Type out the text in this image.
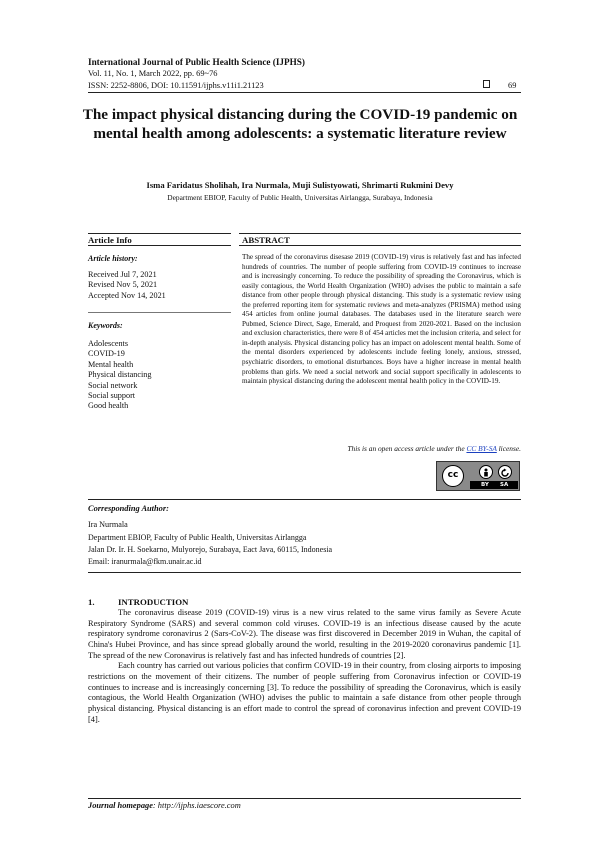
International Journal of Public Health Science (IJPHS)
Vol. 11, No. 1, March 2022, pp. 69~76
ISSN: 2252-8806, DOI: 10.11591/ijphs.v11i1.21123	69
The impact physical distancing during the COVID-19 pandemic on mental health among adolescents: a systematic literature review
Isma Faridatus Sholihah, Ira Nurmala, Muji Sulistyowati, Shrimarti Rukmini Devy
Department EBIOP, Faculty of Public Health, Universitas Airlangga, Surabaya, Indonesia
Article Info
Article history:
Received Jul 7, 2021
Revised Nov 5, 2021
Accepted Nov 14, 2021
Keywords:
Adolescents
COVID-19
Mental health
Physical distancing
Social network
Social support
Good health
ABSTRACT
The spread of the coronavirus disesase 2019 (COVID-19) virus is relatively fast and has infected hundreds of countries. The number of people suffering from COVID-19 continues to increase and is increasingly concerning. To reduce the possibility of spreading the Coronavirus, which is easily contagious, the World Health Organization (WHO) advises the public to maintain a safe distance from other people through physical distancing. This study is a systematic review using the preferred reporting item for systematic reviews and meta-analyzes (PRISMA) method using 454 articles from online journal databases. The databases used in the literature search were Pubmed, Science Direct, Sage, Emerald, and Proquest from 2020-2021. Based on the inclusion and exclusion characteristics, there were 8 of 454 articles met the inclusion criteria, and select for in-depth analysis. Physical distancing policy has an impact on adolescent mental health. Some of the mental disorders experienced by adolescents include feeling lonely, anxious, stressed, psychiatric disorders, to emotional disturbances. Boys have a higher increase in mental health problems than girls. We need a social network and social support specifically in adolescents to maintain physical distancing during the adolescent mental health policy in the COVID-19.
This is an open access article under the CC BY-SA license.
cc
BY SA
Corresponding Author:
Ira Nurmala
Department EBIOP, Faculty of Public Health, Universitas Airlangga
Jalan Dr. Ir. H. Soekarno, Mulyorejo, Surabaya, Eact Java, 60115, Indonesia
Email: iranurmala@fkm.unair.ac.id
1.	INTRODUCTION

The coronavirus disease 2019 (COVID-19) virus is a new virus related to the same virus family as Severe Acute Respiratory Syndrome (SARS) and several common cold viruses. COVID-19 is an infectious disease caused by the acute respiratory syndrome coronavirus 2 (Sars-CoV-2). The disease was first discovered in December 2019 in Wuhan, the capital of China's Hubei Province, and has since spread globally around the world, resulting in the 2019-2020 coronavirus pandemic [1]. The spread of the new Coronavirus is relatively fast and has infected hundreds of countries [2].

Each country has carried out various policies that confirm COVID-19 in their country, from closing airports to imposing restrictions on the movement of their citizens. The number of people suffering from Coronavirus infection or COVID-19 continues to increase and is increasingly concerning [3]. To reduce the possibility of spreading the Coronavirus, which is easily contagious, the World Health Organization (WHO) advises the public to maintain a safe distance from other people through physical distancing. Physical distancing is an effort made to control the spread of coronavirus infection and prevent COVID-19 [4].

Journal homepage: http://ijphs.iaescore.com
